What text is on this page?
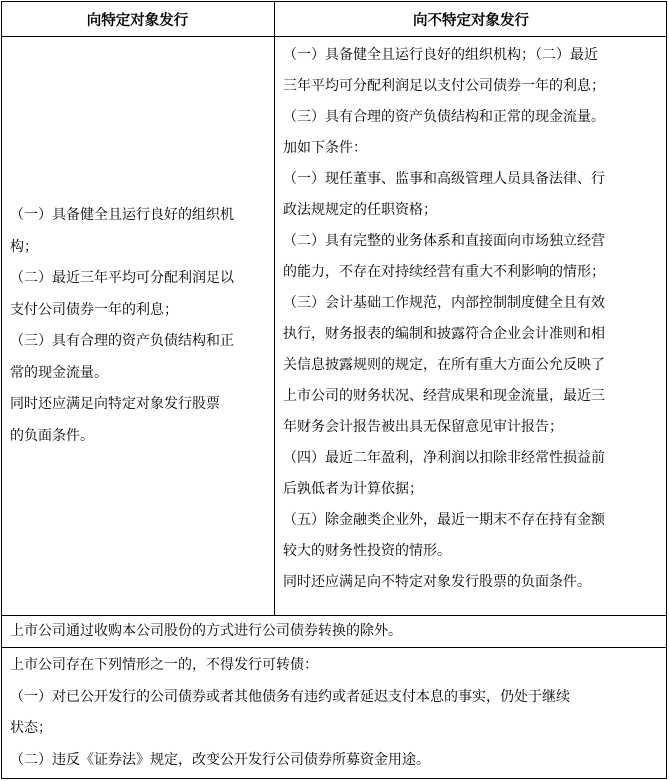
向特定对象发行	向不特定对象发行

（一）具备健全且运行良好的组织机

构；

（二）最近三年平均可分配利润足以

支付公司债券一年的利息；

（三）具有合理的资产负债结构和正

常的现金流量。

同时还应满足向特定对象发行股票

的负面条件。

（一）具备健全且运行良好的组织机构；（二）最近

三年平均可分配利润足以支付公司债券一年的利息；

（三）具有合理的资产负债结构和正常的现金流量。

加如下条件：

（一）现任董事、监事和高级管理人员具备法律、行

政法规规定的任职资格；

（二）具有完整的业务体系和直接面向市场独立经营

的能力，不存在对持续经营有重大不利影响的情形；

（三）会计基础工作规范，内部控制制度健全且有效

执行，财务报表的编制和披露符合企业会计准则和相

关信息披露规则的规定，在所有重大方面公允反映了

上市公司的财务状况、经营成果和现金流量，最近三

年财务会计报告被出具无保留意见审计报告；

（四）最近二年盈利，净利润以扣除非经常性损益前

后孰低者为计算依据；

（五）除金融类企业外，最近一期末不存在持有金额

较大的财务性投资的情形。

同时还应满足向不特定对象发行股票的负面条件。

上市公司通过收购本公司股份的方式进行公司债券转换的除外。

上市公司存在下列情形之一的，不得发行可转债：

（一）对已公开发行的公司债券或者其他债务有违约或者延迟支付本息的事实，仍处于继续

状态；

（二）违反《证券法》规定，改变公开发行公司债券所募资金用途。
